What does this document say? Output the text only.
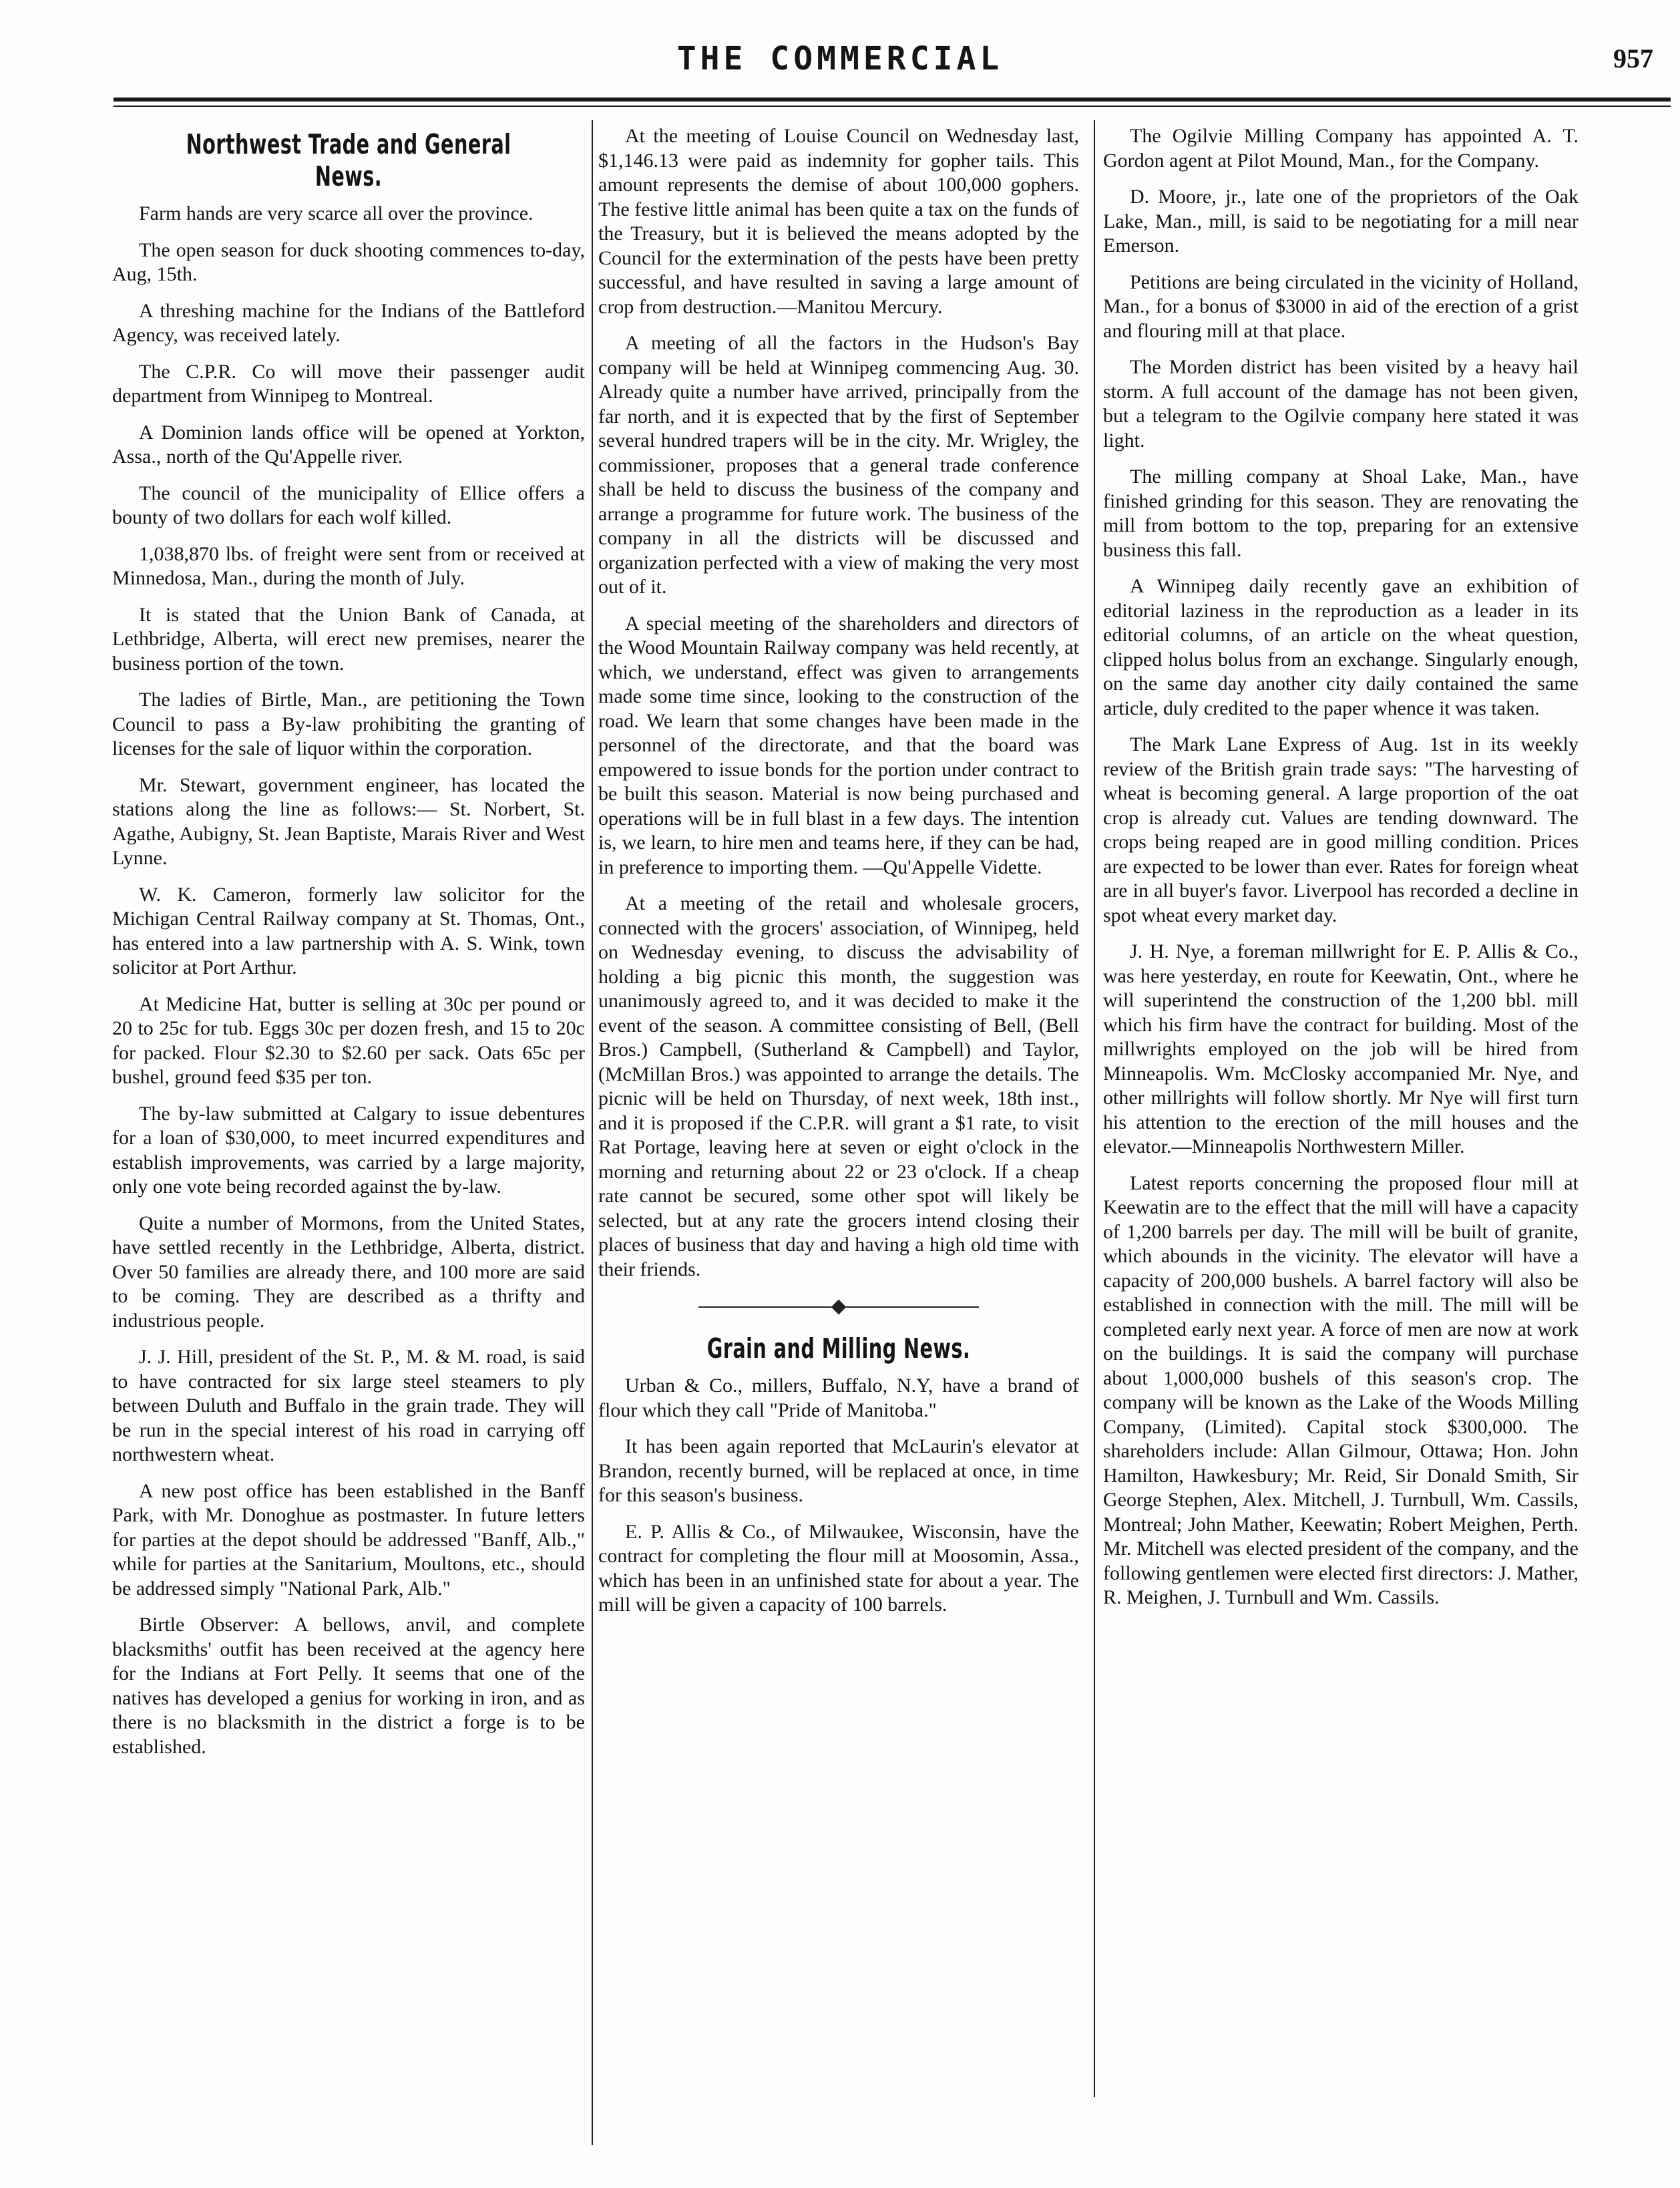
THE COMMERCIAL	957
Northwest Trade and General News.

Farm hands are very scarce all over the province.

The open season for duck shooting commences to-day, Aug, 15th.

A threshing machine for the Indians of the Battleford Agency, was received lately.

The C.P.R. Co will move their passenger audit department from Winnipeg to Montreal.

A Dominion lands office will be opened at Yorkton, Assa., north of the Qu'Appelle river.

The council of the municipality of Ellice offers a bounty of two dollars for each wolf killed.

1,038,870 lbs. of freight were sent from or received at Minnedosa, Man., during the month of July.

It is stated that the Union Bank of Canada, at Lethbridge, Alberta, will erect new premises, nearer the business portion of the town.

The ladies of Birtle, Man., are petitioning the Town Council to pass a By-law prohibiting the granting of licenses for the sale of liquor within the corporation.

Mr. Stewart, government engineer, has located the stations along the line as follows:— St. Norbert, St. Agathe, Aubigny, St. Jean Baptiste, Marais River and West Lynne.

W. K. Cameron, formerly law solicitor for the Michigan Central Railway company at St. Thomas, Ont., has entered into a law partnership with A. S. Wink, town solicitor at Port Arthur.

At Medicine Hat, butter is selling at 30c per pound or 20 to 25c for tub. Eggs 30c per dozen fresh, and 15 to 20c for packed. Flour $2.30 to $2.60 per sack. Oats 65c per bushel, ground feed $35 per ton.

The by-law submitted at Calgary to issue debentures for a loan of $30,000, to meet incurred expenditures and establish improvements, was carried by a large majority, only one vote being recorded against the by-law.

Quite a number of Mormons, from the United States, have settled recently in the Lethbridge, Alberta, district. Over 50 families are already there, and 100 more are said to be coming. They are described as a thrifty and industrious people.

J. J. Hill, president of the St. P., M. & M. road, is said to have contracted for six large steel steamers to ply between Duluth and Buffalo in the grain trade. They will be run in the special interest of his road in carrying off northwestern wheat.

A new post office has been established in the Banff Park, with Mr. Donoghue as postmaster. In future letters for parties at the depot should be addressed "Banff, Alb.," while for parties at the Sanitarium, Moultons, etc., should be addressed simply "National Park, Alb."

Birtle Observer: A bellows, anvil, and complete blacksmiths' outfit has been received at the agency here for the Indians at Fort Pelly. It seems that one of the natives has developed a genius for working in iron, and as there is no blacksmith in the district a forge is to be established.

At the meeting of Louise Council on Wednesday last, $1,146.13 were paid as indemnity for gopher tails. This amount represents the demise of about 100,000 gophers. The festive little animal has been quite a tax on the funds of the Treasury, but it is believed the means adopted by the Council for the extermination of the pests have been pretty successful, and have resulted in saving a large amount of crop from destruction.—Manitou Mercury.

A meeting of all the factors in the Hudson's Bay company will be held at Winnipeg commencing Aug. 30. Already quite a number have arrived, principally from the far north, and it is expected that by the first of September several hundred trapers will be in the city. Mr. Wrigley, the commissioner, proposes that a general trade conference shall be held to discuss the business of the company and arrange a programme for future work. The business of the company in all the districts will be discussed and organization perfected with a view of making the very most out of it.

A special meeting of the shareholders and directors of the Wood Mountain Railway company was held recently, at which, we understand, effect was given to arrangements made some time since, looking to the construction of the road. We learn that some changes have been made in the personnel of the directorate, and that the board was empowered to issue bonds for the portion under contract to be built this season. Material is now being purchased and operations will be in full blast in a few days. The intention is, we learn, to hire men and teams here, if they can be had, in preference to importing them. —Qu'Appelle Vidette.

At a meeting of the retail and wholesale grocers, connected with the grocers' association, of Winnipeg, held on Wednesday evening, to discuss the advisability of holding a big picnic this month, the suggestion was unanimously agreed to, and it was decided to make it the event of the season. A committee consisting of Bell, (Bell Bros.) Campbell, (Sutherland & Campbell) and Taylor, (McMillan Bros.) was appointed to arrange the details. The picnic will be held on Thursday, of next week, 18th inst., and it is proposed if the C.P.R. will grant a $1 rate, to visit Rat Portage, leaving here at seven or eight o'clock in the morning and returning about 22 or 23 o'clock. If a cheap rate cannot be secured, some other spot will likely be selected, but at any rate the grocers intend closing their places of business that day and having a high old time with their friends.

Grain and Milling News.

Urban & Co., millers, Buffalo, N.Y, have a brand of flour which they call "Pride of Manitoba."

It has been again reported that McLaurin's elevator at Brandon, recently burned, will be replaced at once, in time for this season's business.

E. P. Allis & Co., of Milwaukee, Wisconsin, have the contract for completing the flour mill at Moosomin, Assa., which has been in an unfinished state for about a year. The mill will be given a capacity of 100 barrels.

The Ogilvie Milling Company has appointed A. T. Gordon agent at Pilot Mound, Man., for the Company.

D. Moore, jr., late one of the proprietors of the Oak Lake, Man., mill, is said to be negotiating for a mill near Emerson.

Petitions are being circulated in the vicinity of Holland, Man., for a bonus of $3000 in aid of the erection of a grist and flouring mill at that place.

The Morden district has been visited by a heavy hail storm. A full account of the damage has not been given, but a telegram to the Ogilvie company here stated it was light.

The milling company at Shoal Lake, Man., have finished grinding for this season. They are renovating the mill from bottom to the top, preparing for an extensive business this fall.

A Winnipeg daily recently gave an exhibition of editorial laziness in the reproduction as a leader in its editorial columns, of an article on the wheat question, clipped holus bolus from an exchange. Singularly enough, on the same day another city daily contained the same article, duly credited to the paper whence it was taken.

The Mark Lane Express of Aug. 1st in its weekly review of the British grain trade says: "The harvesting of wheat is becoming general. A large proportion of the oat crop is already cut. Values are tending downward. The crops being reaped are in good milling condition. Prices are expected to be lower than ever. Rates for foreign wheat are in all buyer's favor. Liverpool has recorded a decline in spot wheat every market day.

J. H. Nye, a foreman millwright for E. P. Allis & Co., was here yesterday, en route for Keewatin, Ont., where he will superintend the construction of the 1,200 bbl. mill which his firm have the contract for building. Most of the millwrights employed on the job will be hired from Minneapolis. Wm. McClosky accompanied Mr. Nye, and other millrights will follow shortly. Mr Nye will first turn his attention to the erection of the mill houses and the elevator.—Minneapolis Northwestern Miller.

Latest reports concerning the proposed flour mill at Keewatin are to the effect that the mill will have a capacity of 1,200 barrels per day. The mill will be built of granite, which abounds in the vicinity. The elevator will have a capacity of 200,000 bushels. A barrel factory will also be established in connection with the mill. The mill will be completed early next year. A force of men are now at work on the buildings. It is said the company will purchase about 1,000,000 bushels of this season's crop. The company will be known as the Lake of the Woods Milling Company, (Limited). Capital stock $300,000. The shareholders include: Allan Gilmour, Ottawa; Hon. John Hamilton, Hawkesbury; Mr. Reid, Sir Donald Smith, Sir George Stephen, Alex. Mitchell, J. Turnbull, Wm. Cassils, Montreal; John Mather, Keewatin; Robert Meighen, Perth. Mr. Mitchell was elected president of the company, and the following gentlemen were elected first directors: J. Mather, R. Meighen, J. Turnbull and Wm. Cassils.
